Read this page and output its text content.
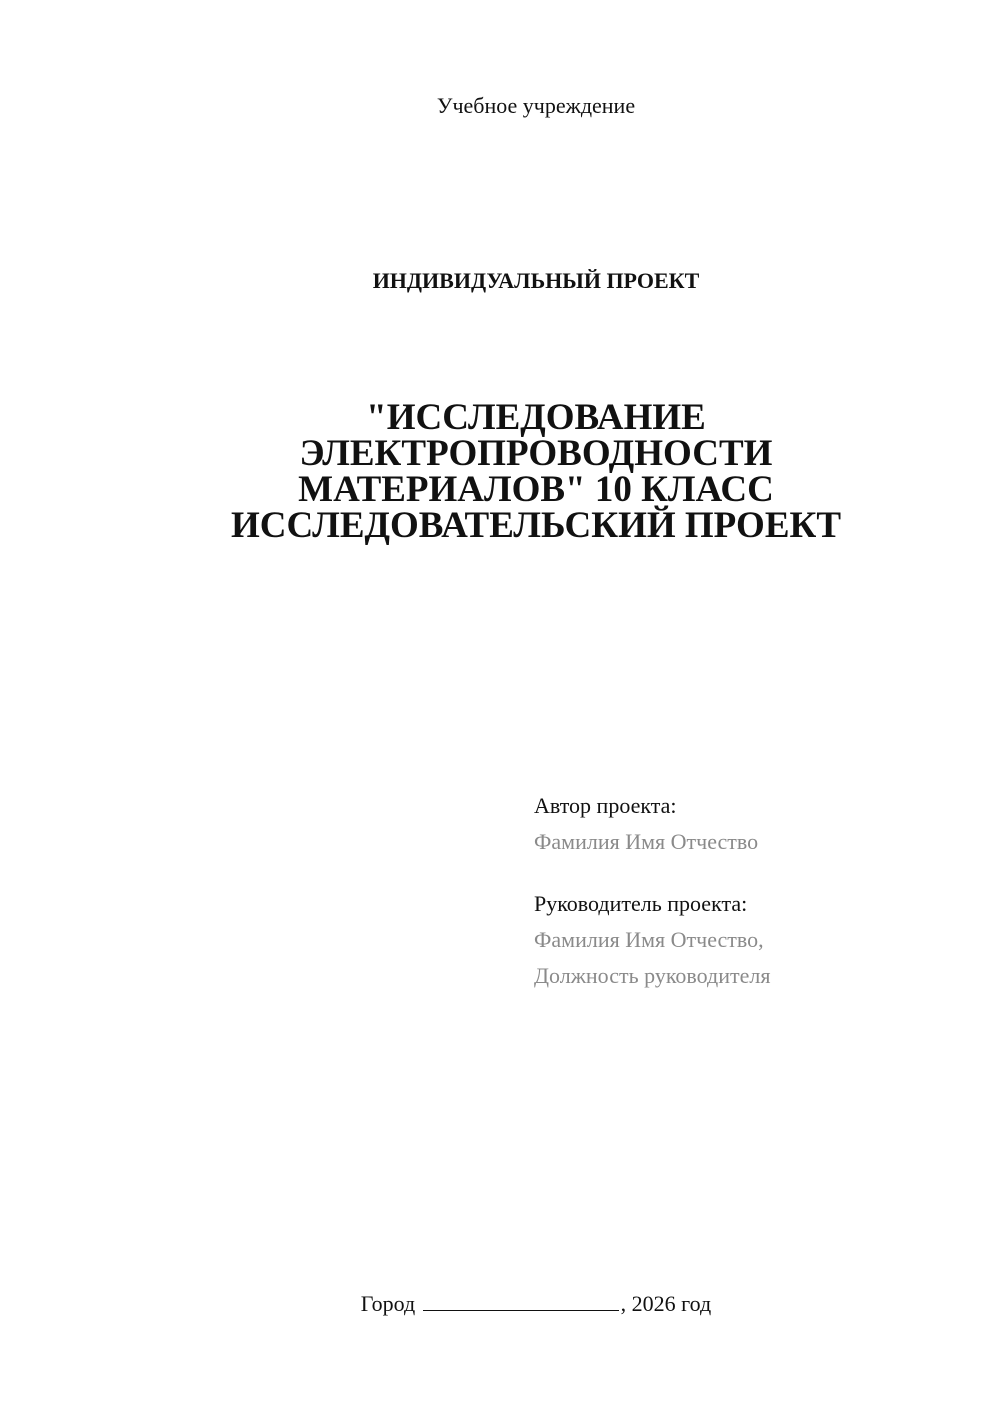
Учебное учреждение
ИНДИВИДУАЛЬНЫЙ ПРОЕКТ
"ИССЛЕДОВАНИЕ
ЭЛЕКТРОПРОВОДНОСТИ
МАТЕРИАЛОВ" 10 КЛАСС
ИССЛЕДОВАТЕЛЬСКИЙ ПРОЕКТ
Автор проекта:
Фамилия Имя Отчество
Руководитель проекта:
Фамилия Имя Отчество,
Должность руководителя
Город	, 2026 год
